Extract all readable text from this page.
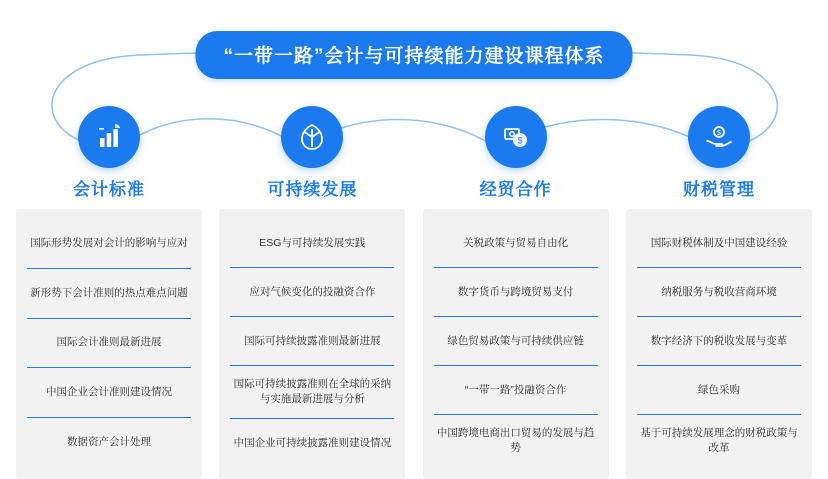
“一带一路”会计与可持续能力建设课程体系
会计标准
国际形势发展对会计的影响与应对
新形势下会计准则的热点难点问题
国际会计准则最新进展
中国企业会计准则建设情况
数据资产会计处理
可持续发展
ESG与可持续发展实践
应对气候变化的投融资合作
国际可持续披露准则最新进展
国际可持续披露准则在全球的采纳与实施最新进展与分析
中国企业可持续披露准则建设情况
$
经贸合作
关税政策与贸易自由化
数字货币与跨境贸易支付
绿色贸易政策与可持续供应链
“一带一路”投融资合作
中国跨境电商出口贸易的发展与趋势
$
财税管理
国际财税体制及中国建设经验
纳税服务与税收营商环境
数字经济下的税收发展与变革
绿色采购
基于可持续发展理念的财税政策与改革
